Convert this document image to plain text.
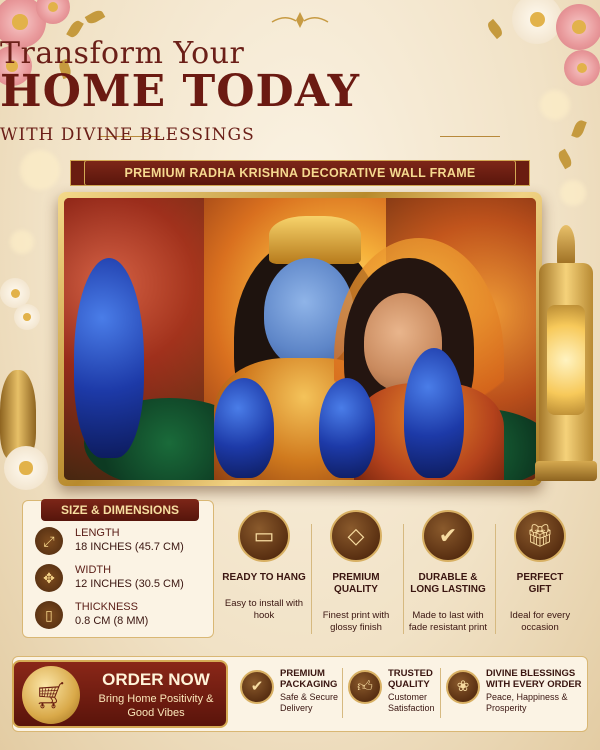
Transform Your
HOME TODAY
WITH DIVINE BLESSINGS
PREMIUM RADHA KRISHNA DECORATIVE WALL FRAME
SIZE & DIMENSIONS
⤢	LENGTH
18 INCHES (45.7 CM)
✥	WIDTH
12 INCHES (30.5 CM)
▯	THICKNESS
0.8 CM (8 MM)
▭
READY TO HANG
Easy to install with hook
◇
PREMIUM QUALITY
Finest print with glossy finish
✔
DURABLE & LONG LASTING
Made to last with fade resistant print
🎁︎
PERFECT GIFT
Ideal for every occasion
🛒︎
ORDER NOW
Bring Home Positivity & Good Vibes
✔
PREMIUM PACKAGING
Safe & Secure Delivery
👍︎
TRUSTED QUALITY
Customer Satisfaction
❀
DIVINE BLESSINGS WITH EVERY ORDER
Peace, Happiness & Prosperity
